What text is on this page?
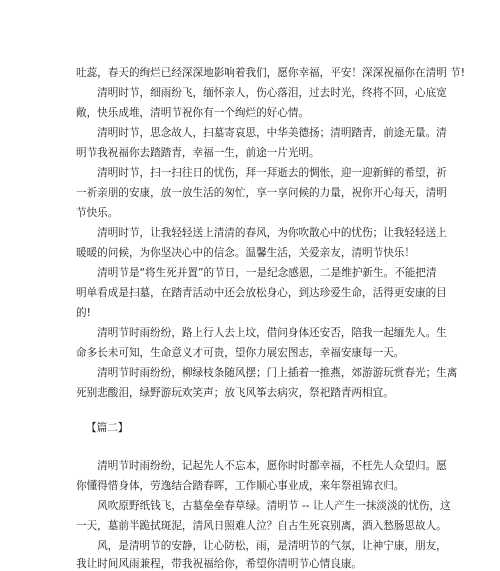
吐蕊，春天的绚烂已经深深地影响着我们，愿你幸福，平安！深深祝福你在清明 节!
　　清明时节，细雨纷飞，缅怀亲人，伤心落泪，过去时光，终将不回，心底宽
敞，快乐成堆，清明节祝你有一个绚烂的好心情。
　　清明时节，思念故人，扫墓寄哀思，中华美德扬；清明踏青，前途无量。清
明节我祝福你去踏踏青，幸福一生，前途一片光明。
　　清明时节，扫一扫往日的忧伤，拜一拜逝去的惆怅，迎一迎新鲜的希望，祈
一祈亲朋的安康，放一放生活的匆忙，享一享问候的力量，祝你开心每天，清明
节快乐。
　　清明时节，让我轻轻送上清清的春风，为你吹散心中的忧伤；让我轻轻送上
暖暖的问候，为你坚决心中的信念。温馨生活，关爱亲友，清明节快乐！
　　清明节是“将生死并置”的节日，一是纪念感恩，二是维护新生。不能把清
明单看成是扫墓，在踏青活动中还会放松身心，到达珍爱生命，活得更安康的目
的!
　　清明节时雨纷纷，路上行人去上坟，借问身体还安否，陪我一起缅先人。生
命多长未可知，生命意义才可贵，望你力展宏图志，幸福安康每一天。
　　清明节时雨纷纷，柳绿枝条随风摆；门上插着一推燕，郊游游玩赏春光；生离
死别悲酸泪，绿野游玩欢笑声；放飞风筝去病灾，祭祀踏青两相宜。
【篇二】
　　清明节时雨纷纷，记起先人不忘本，愿你时时都幸福，不枉先人众望归。愿
你懂得惜身体，劳逸结合踏春晖，工作顺心事业成，来年祭祖锦衣归。
　　风吹原野纸钱飞，古墓垒垒春草绿。清明节 -- 让人产生一抹淡淡的忧伤，这
一天，墓前半跪拭斑泥，清风日照难人泣？自古生死哀别离，酒入愁肠思故人。
　　风，是清明节的安静，让心防松，雨，是清明节的气氛，让神宁康，朋友，
我让时间风雨兼程，带我祝福给你，希望你清明节心情良康。
